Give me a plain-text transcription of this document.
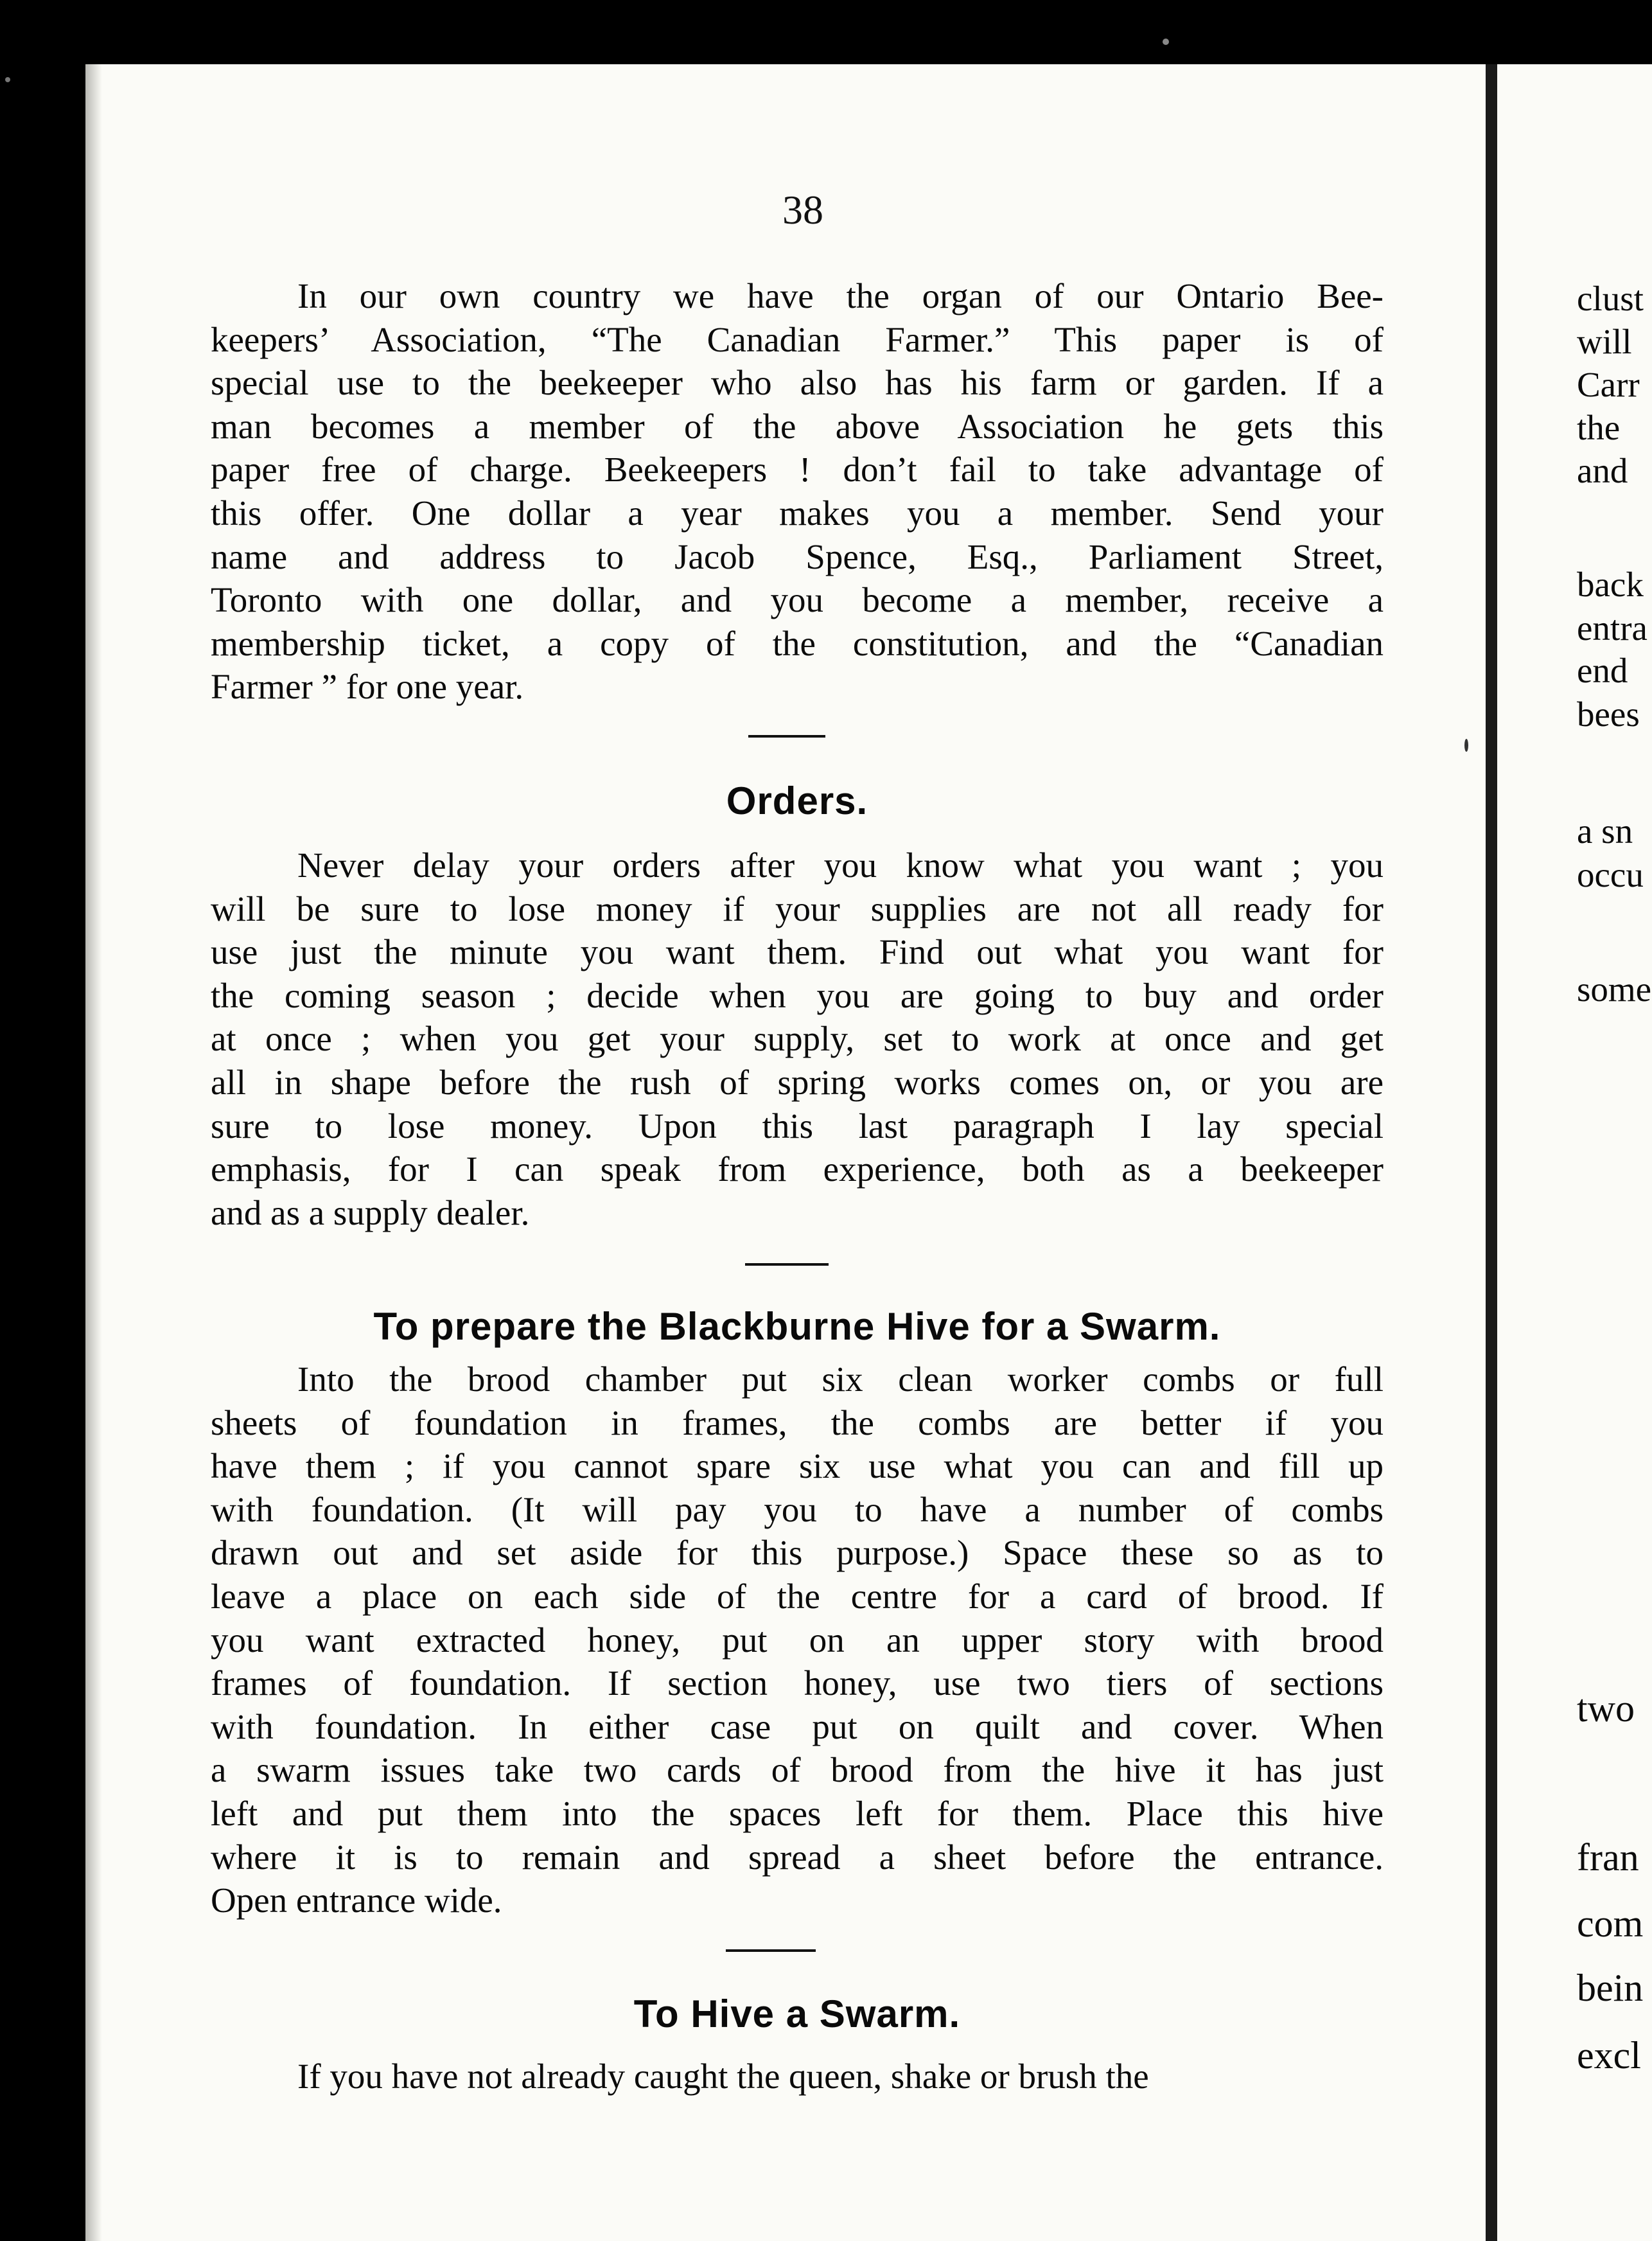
38
In our own country we have the organ of our Ontario Bee-
keepers’ Association, “The Canadian Farmer.” This paper is of
special use to the beekeeper who also has his farm or garden. If a
man becomes a member of the above Association he gets this
paper free of charge. Beekeepers ! don’t fail to take advantage of
this offer. One dollar a year makes you a member. Send your
name and address to Jacob Spence, Esq., Parliament Street,
Toronto with one dollar, and you become a member, receive a
membership ticket, a copy of the constitution, and the “Canadian
Farmer ” for one year.
Orders.
Never delay your orders after you know what you want ; you
will be sure to lose money if your supplies are not all ready for
use just the minute you want them. Find out what you want for
the coming season ; decide when you are going to buy and order
at once ; when you get your supply, set to work at once and get
all in shape before the rush of spring works comes on, or you are
sure to lose money. Upon this last paragraph I lay special
emphasis, for I can speak from experience, both as a beekeeper
and as a supply dealer.
To prepare the Blackburne Hive for a Swarm.
Into the brood chamber put six clean worker combs or full
sheets of foundation in frames, the combs are better if you
have them ; if you cannot spare six use what you can and fill up
with foundation. (It will pay you to have a number of combs
drawn out and set aside for this purpose.) Space these so as to
leave a place on each side of the centre for a card of brood. If
you want extracted honey, put on an upper story with brood
frames of foundation. If section honey, use two tiers of sections
with foundation. In either case put on quilt and cover. When
a swarm issues take two cards of brood from the hive it has just
left and put them into the spaces left for them. Place this hive
where it is to remain and spread a sheet before the entrance.
Open entrance wide.
To Hive a Swarm.
If you have not already caught the queen, shake or brush the
clust
will
Carr
the
and
back
entra
end
bees
a sn
occu
some
two
fran
com
bein
excl
